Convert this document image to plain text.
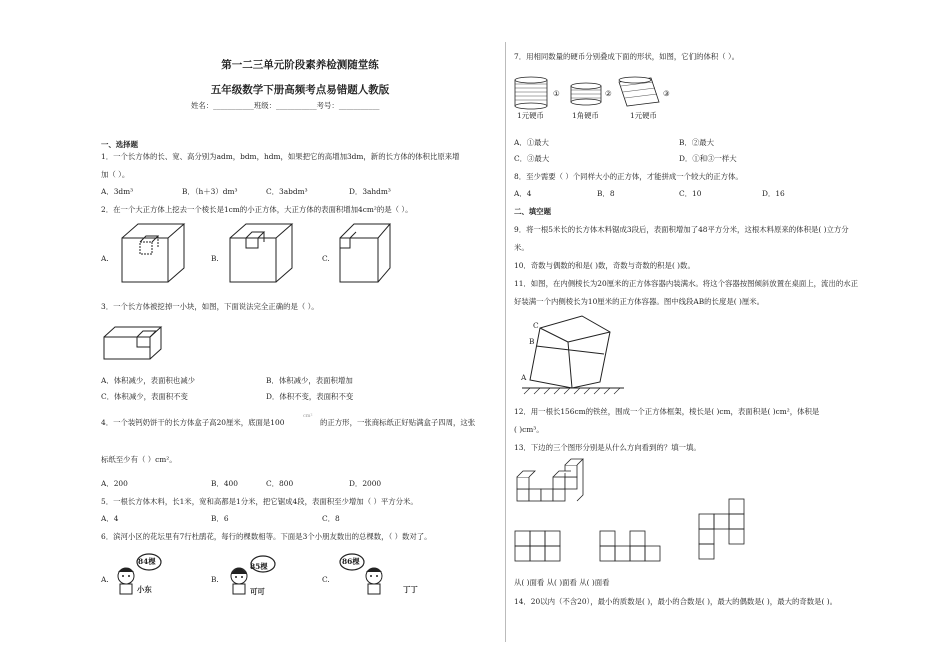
第一二三单元阶段素养检测随堂练
五年级数学下册高频考点易错题人教版
姓名：___________班级：___________考号：___________
一、选择题
1．一个长方体的长、宽、高分别为adm，bdm，hdm，如果把它的高增加3dm，新的长方体的体积比原来增
加（ ）。
A．3dm³	B．（h＋3）dm³	C．3abdm³	D．3ahdm³
2．在一个大正方体上挖去一个棱长是1cm的小正方体，大正方体的表面积增加4cm²的是（ ）。
A.	B.	C.
3．一个长方体被挖掉一小块，如图，下面说法完全正确的是（ ）。
A．体积减少，表面积也减少	B．体积减少，表面积增加
C．体积减少，表面积不变	D．体积不变，表面积不变
4．一个装钙奶饼干的长方体盒子高20厘米，底面是100
cm²
的正方形，一张商标纸正好贴满盒子四周，这张
标纸至少有（ ）cm²。
A．200	B．400	C．800	D．2000
5．一根长方体木料，长1米，宽和高都是1分米，把它锯成4段，表面积至少增加（ ）平方分米。
A．4	B．6	C．8
6．滨河小区的花坛里有7行杜鹃花，每行的棵数相等。下面是3个小朋友数出的总棵数，（ ）数对了。
A.	B.	C.
84棵
小东
85棵
可可
86棵
丁丁
7．用相同数量的硬币分别叠成下面的形状，如图，它们的体积（ ）。
①	②	③
1元硬币	1角硬币	1元硬币
A．①最大	B．②最大
C．③最大	D．①和③一样大
8．至少需要（ ）个同样大小的正方体，才能拼成一个较大的正方体。
A．4	B．8	C．10	D．16
二、填空题
9．将一根5米长的长方体木料锯成3段后，表面积增加了48平方分米，这根木料原来的体积是( )立方分
米。
10．奇数与偶数的和是( )数，奇数与奇数的积是( )数。
11．如图，在内侧棱长为20厘米的正方体容器内装满水。将这个容器按图倾斜放置在桌面上，流出的水正
好装满一个内侧棱长为10厘米的正方体容器。图中线段AB的长度是( )厘米。
C
B
A
12．用一根长156cm的铁丝，围成一个正方体框架，棱长是( )cm，表面积是( )cm²，体积是
( )cm³。
13．下边的三个图形分别是从什么方向看到的？填一填。
从( )面看 从( )面看 从( )面看
14．20以内（不含20），最小的质数是( )，最小的合数是( )，最大的偶数是( )，最大的奇数是( )。
